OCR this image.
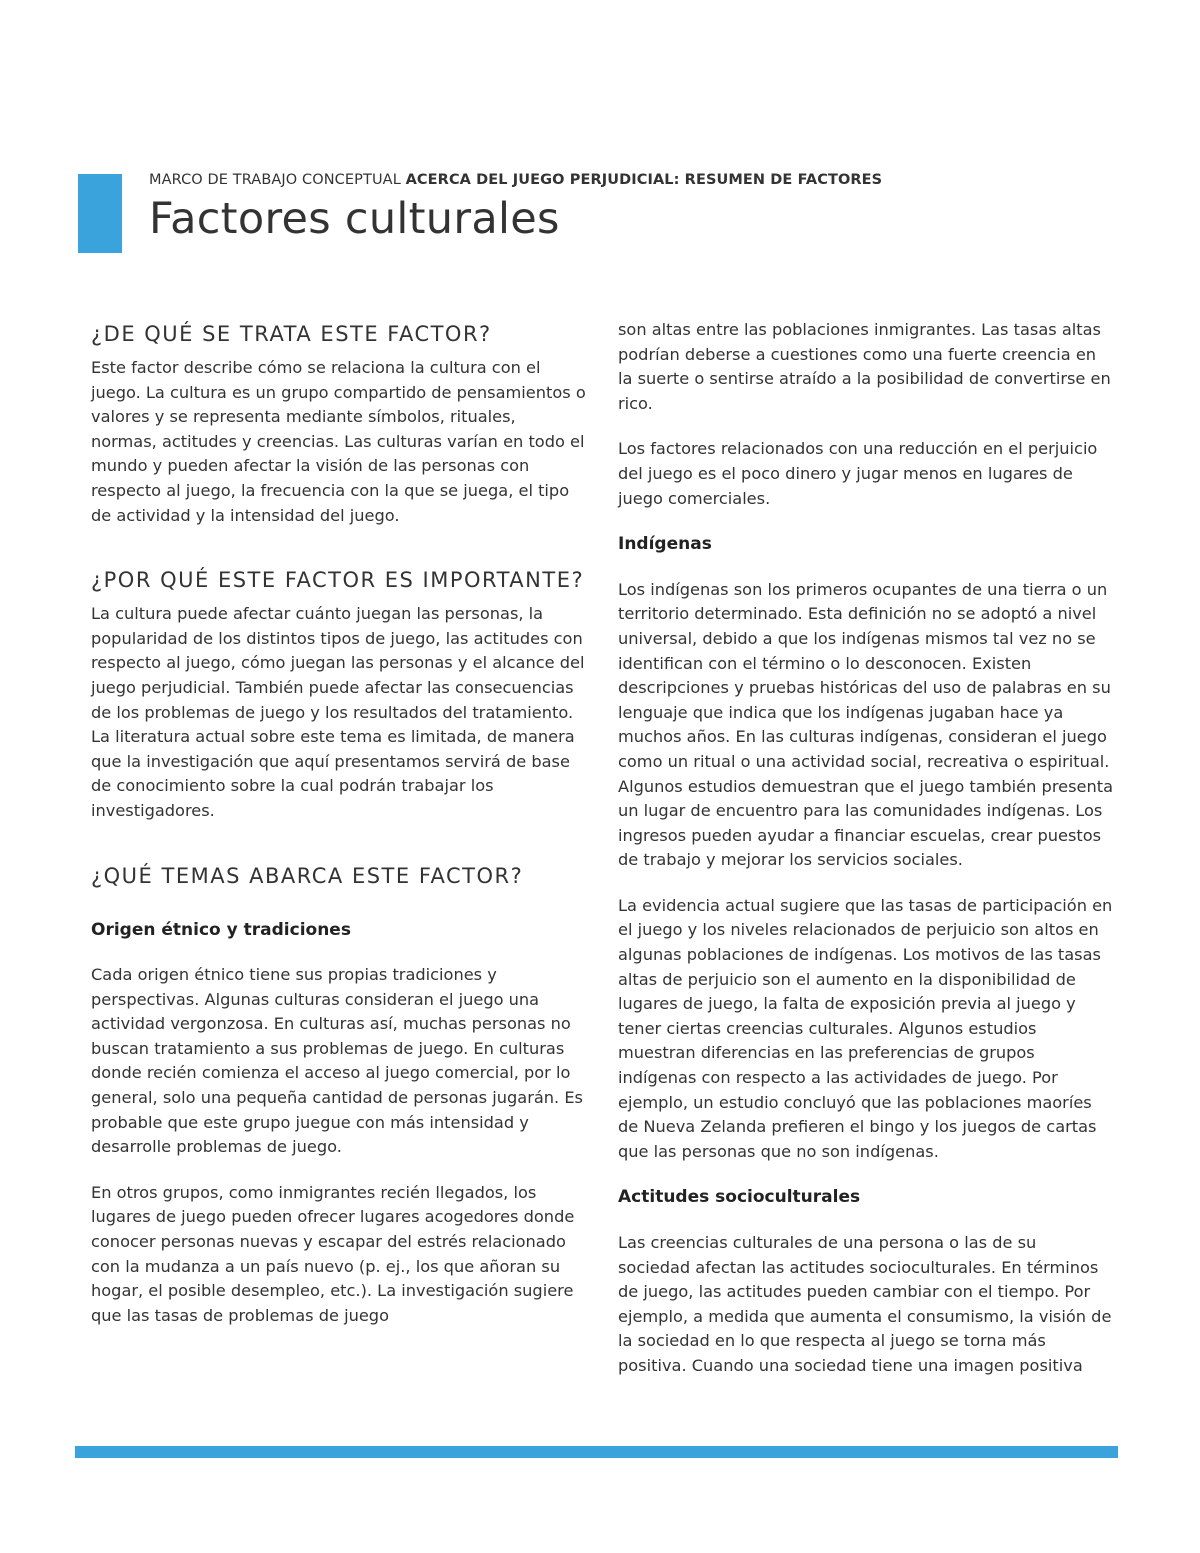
MARCO DE TRABAJO CONCEPTUAL ACERCA DEL JUEGO PERJUDICIAL: RESUMEN DE FACTORES
Factores culturales
¿DE QUÉ SE TRATA ESTE FACTOR?

Este factor describe cómo se relaciona la cultura con el juego. La cultura es un grupo compartido de pensamientos o valores y se representa mediante símbolos, rituales, normas, actitudes y creencias. Las culturas varían en todo el mundo y pueden afectar la visión de las personas con respecto al juego, la frecuencia con la que se juega, el tipo de actividad y la intensidad del juego.

¿POR QUÉ ESTE FACTOR ES IMPORTANTE?

La cultura puede afectar cuánto juegan las personas, la popularidad de los distintos tipos de juego, las actitudes con respecto al juego, cómo juegan las personas y el alcance del juego perjudicial. También puede afectar las consecuencias de los problemas de juego y los resultados del tratamiento. La literatura actual sobre este tema es limitada, de manera que la investigación que aquí presentamos servirá de base de conocimiento sobre la cual podrán trabajar los investigadores.

¿QUÉ TEMAS ABARCA ESTE FACTOR?
Origen étnico y tradiciones

Cada origen étnico tiene sus propias tradiciones y perspectivas. Algunas culturas consideran el juego una actividad vergonzosa. En culturas así, muchas personas no buscan tratamiento a sus problemas de juego. En culturas donde recién comienza el acceso al juego comercial, por lo general, solo una pequeña cantidad de personas jugarán. Es probable que este grupo juegue con más intensidad y desarrolle problemas de juego.

En otros grupos, como inmigrantes recién llegados, los lugares de juego pueden ofrecer lugares acogedores donde conocer personas nuevas y escapar del estrés relacionado con la mudanza a un país nuevo (p. ej., los que añoran su hogar, el posible desempleo, etc.). La investigación sugiere que las tasas de problemas de juego

son altas entre las poblaciones inmigrantes. Las tasas altas podrían deberse a cuestiones como una fuerte creencia en la suerte o sentirse atraído a la posibilidad de convertirse en rico.

Los factores relacionados con una reducción en el perjuicio del juego es el poco dinero y jugar menos en lugares de juego comerciales.

Indígenas

Los indígenas son los primeros ocupantes de una tierra o un territorio determinado. Esta definición no se adoptó a nivel universal, debido a que los indígenas mismos tal vez no se identifican con el término o lo desconocen. Existen descripciones y pruebas históricas del uso de palabras en su lenguaje que indica que los indígenas jugaban hace ya muchos años. En las culturas indígenas, consideran el juego como un ritual o una actividad social, recreativa o espiritual. Algunos estudios demuestran que el juego también presenta un lugar de encuentro para las comunidades indígenas. Los ingresos pueden ayudar a financiar escuelas, crear puestos de trabajo y mejorar los servicios sociales.

La evidencia actual sugiere que las tasas de participación en el juego y los niveles relacionados de perjuicio son altos en algunas poblaciones de indígenas. Los motivos de las tasas altas de perjuicio son el aumento en la disponibilidad de lugares de juego, la falta de exposición previa al juego y tener ciertas creencias culturales. Algunos estudios muestran diferencias en las preferencias de grupos indígenas con respecto a las actividades de juego. Por ejemplo, un estudio concluyó que las poblaciones maoríes de Nueva Zelanda prefieren el bingo y los juegos de cartas que las personas que no son indígenas.

Actitudes socioculturales

Las creencias culturales de una persona o las de su sociedad afectan las actitudes socioculturales. En términos de juego, las actitudes pueden cambiar con el tiempo. Por ejemplo, a medida que aumenta el consumismo, la visión de la sociedad en lo que respecta al juego se torna más positiva. Cuando una sociedad tiene una imagen positiva
